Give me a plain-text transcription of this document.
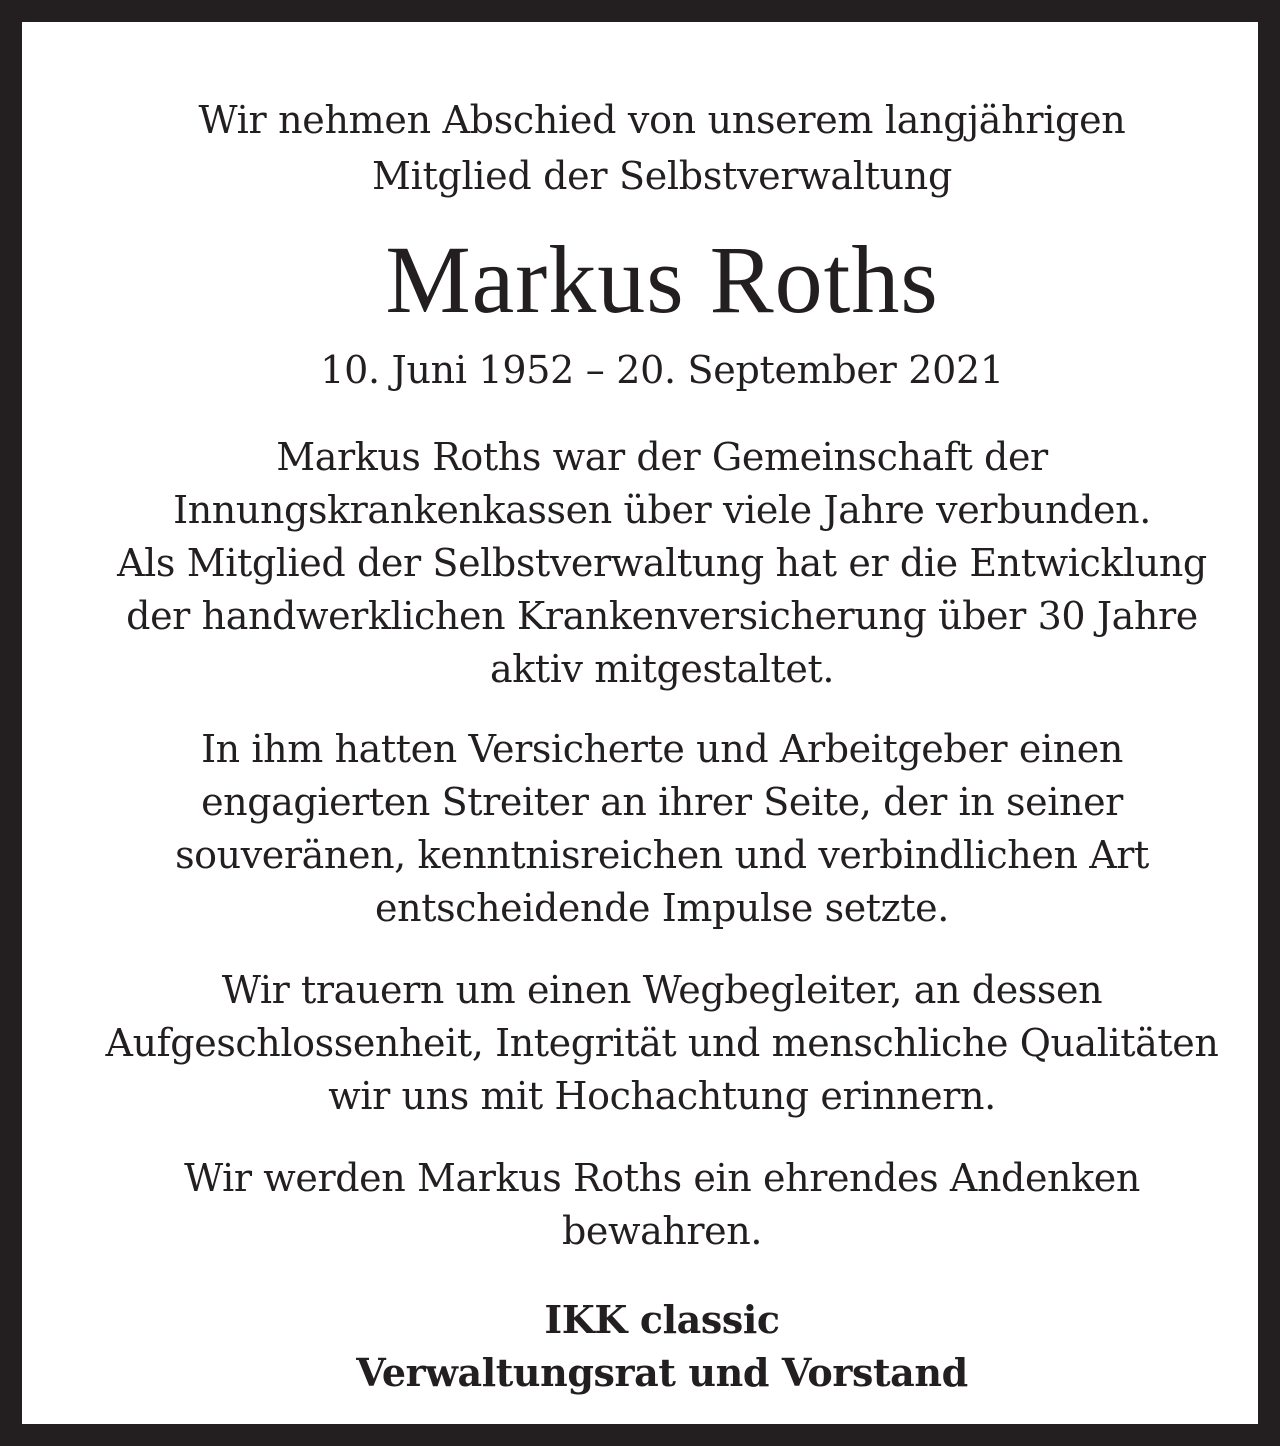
Wir nehmen Abschied von unserem langjährigen
Mitglied der Selbstverwaltung

Markus Roths

10. Juni 1952 – 20. September 2021

Markus Roths war der Gemeinschaft der
Innungskrankenkassen über viele Jahre verbunden.
Als Mitglied der Selbstverwaltung hat er die Entwicklung
der handwerklichen Krankenversicherung über 30 Jahre
aktiv mitgestaltet.

In ihm hatten Versicherte und Arbeitgeber einen
engagierten Streiter an ihrer Seite, der in seiner
souveränen, kenntnisreichen und verbindlichen Art
entscheidende Impulse setzte.

Wir trauern um einen Wegbegleiter, an dessen
Aufgeschlossenheit, Integrität und menschliche Qualitäten
wir uns mit Hochachtung erinnern.

Wir werden Markus Roths ein ehrendes Andenken
bewahren.

IKK classic

Verwaltungsrat und Vorstand
